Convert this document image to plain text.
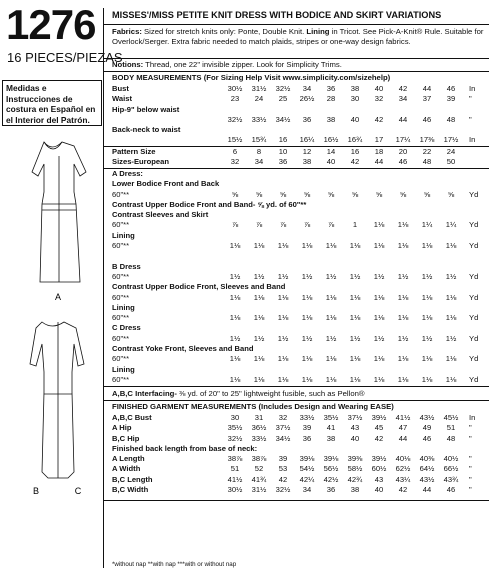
1276
16 PIECES/PIEZAS
Medidas e Instrucciones de costura en Español en el Interior del Patrón.
A
B	C
MISSES'/MISS PETITE KNIT DRESS WITH BODICE AND SKIRT VARIATIONS
Fabrics: Sized for stretch knits only: Ponte, Double Knit. Lining in Tricot. See Pick-A-Knit® Rule. Suitable for Overlock/Serger. Extra fabric needed to match plaids, stripes or one-way design fabrics.
Notions: Thread, one 22" invisible zipper. Look for Simplicity Trims.
BODY MEASUREMENTS (For Sizing Help Visit www.simplicity.com/sizehelp)
Bust	30½	31½	32½	34	36	38	40	42	44	46	In
Waist	23	24	25	26½	28	30	32	34	37	39	"
Hip-9" below waist
32½	33½	34½	36	38	40	42	44	46	48	"
Back-neck to waist
15½	15¾	16	16¼	16½	16¾	17	17¼	17⅜	17½	In
Pattern Size	6	8	10	12	14	16	18	20	22	24
Sizes-European	32	34	36	38	40	42	44	46	48	50
A Dress:
Lower Bodice Front and Back
60"**	⅝	⅝	⅝	⅝	⅝	⅝	⅝	⅝	⅝	⅝	Yd
Contrast Upper Bodice Front and Band- ⅝ yd. of 60"**
Contrast Sleeves and Skirt
60"**	⅞	⅞	⅞	⅞	⅞	1	1⅛	1⅛	1¼	1¼	Yd
Lining
60"**	1⅛	1⅛	1⅛	1⅛	1⅛	1⅛	1⅛	1⅛	1⅛	1⅛	Yd
B Dress
60"**	1½	1½	1½	1½	1½	1½	1½	1½	1½	1½	Yd
Contrast Upper Bodice Front, Sleeves and Band
60"**	1⅛	1⅛	1⅛	1⅛	1⅛	1⅛	1⅛	1⅛	1⅛	1⅛	Yd
Lining
60"**	1⅛	1⅛	1⅛	1⅛	1⅛	1⅛	1⅛	1⅛	1⅛	1⅛	Yd
C Dress
60"**	1½	1½	1½	1½	1½	1½	1½	1½	1½	1½	Yd
Contrast Yoke Front, Sleeves and Band
60"**	1⅛	1⅛	1⅛	1⅛	1⅛	1⅛	1⅛	1⅛	1⅛	1⅛	Yd
Lining
60"**	1⅛	1⅛	1⅛	1⅛	1⅛	1⅛	1⅛	1⅛	1⅛	1⅛	Yd
A,B,C Interfacing- ⅜ yd. of 20" to 25" lightweight fusible, such as Pellon®
FINISHED GARMENT MEASUREMENTS (Includes Design and Wearing EASE)
A,B,C Bust	30	31	32	33½	35½	37½	39½	41½	43½	45½	In
A Hip	35½	36½	37½	39	41	43	45	47	49	51	"
B,C Hip	32½	33½	34½	36	38	40	42	44	46	48	"
Finished back length from base of neck:
A Length	38⅞	38⅞	39	39⅛	39⅛	39⅜	39½	40⅛	40⅜	40½	"
A Width	51	52	53	54½	56½	58½	60½	62½	64½	66½	"
B,C Length	41½	41¾	42	42¼	42½	42¾	43	43¼	43½	43¾	"
B,C Width	30½	31½	32½	34	36	38	40	42	44	46	"
*without nap **with nap ***with or without nap
